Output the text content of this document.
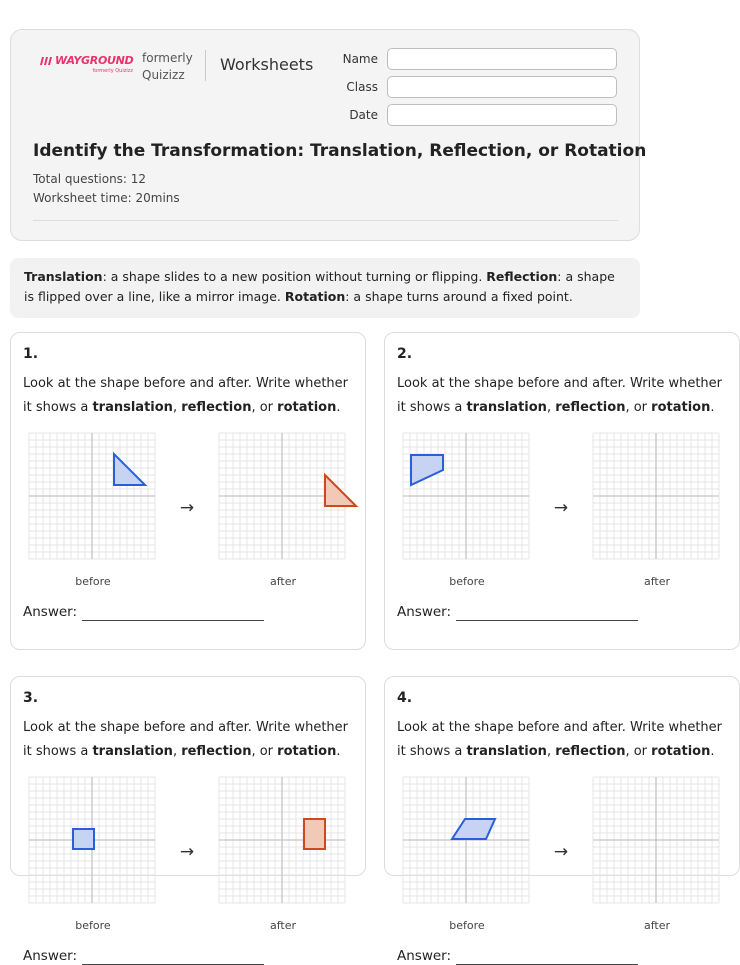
WAYGROUND
formerly Quizizz
formerly
Quizizz
Worksheets	Name
Class
Date
Identify the Transformation: Translation, Reflection, or Rotation
Total questions: 12
Worksheet time: 20mins
Translation: a shape slides to a new position without turning or flipping. Reflection: a shape is flipped over a line, like a mirror image. Rotation: a shape turns around a fixed point.
1.
Look at the shape before and after. Write whether
it shows a translation, reflection, or rotation.
→
before	after
Answer:
2.
Look at the shape before and after. Write whether
it shows a translation, reflection, or rotation.
→
before	after
Answer:
3.
Look at the shape before and after. Write whether
it shows a translation, reflection, or rotation.
→
before	after
Answer:
4.
Look at the shape before and after. Write whether
it shows a translation, reflection, or rotation.
→
before	after
Answer:
